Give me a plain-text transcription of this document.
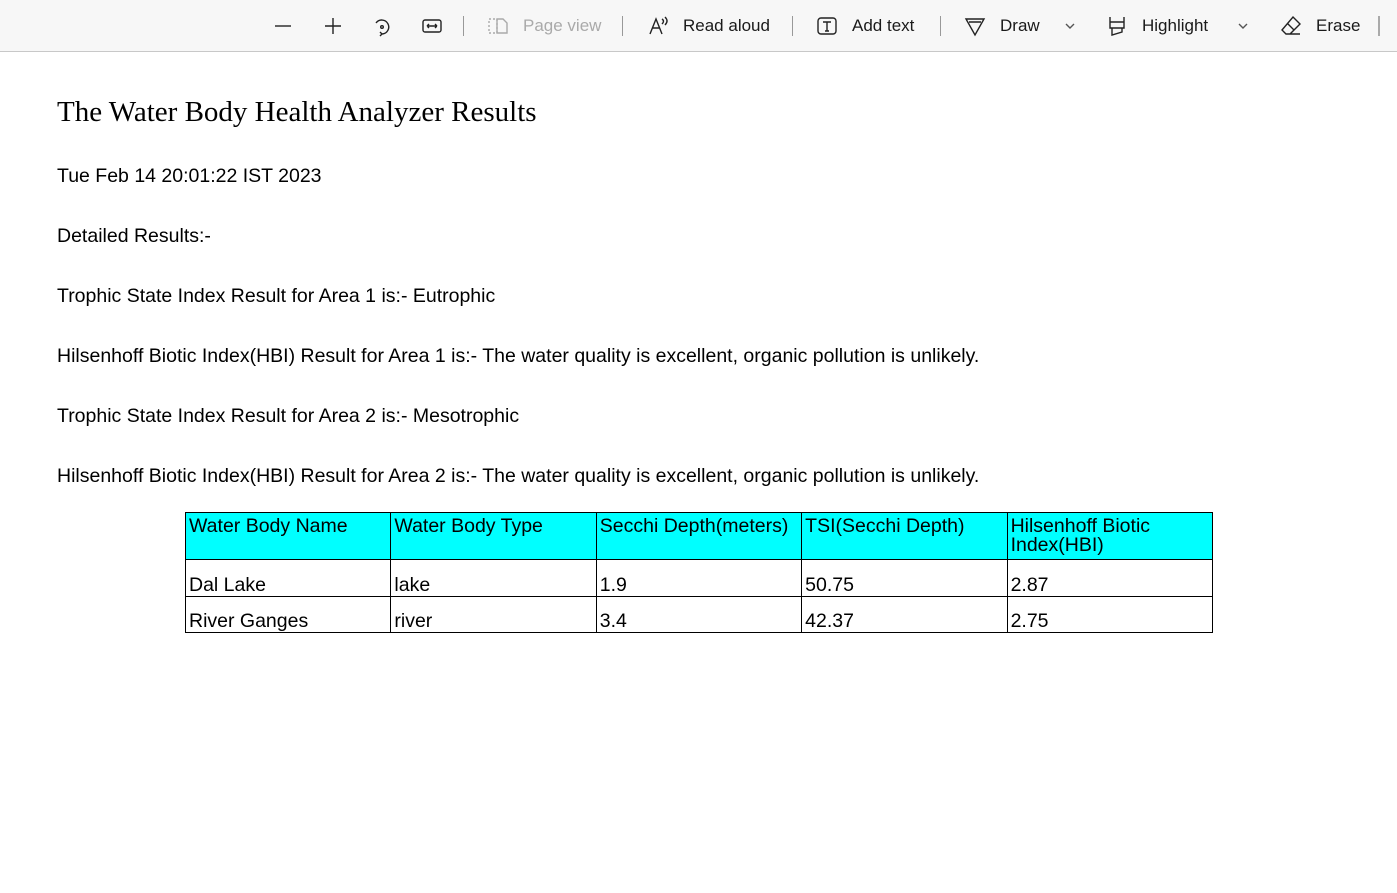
Page view	Read aloud	Add text	Draw	Highlight	Erase
The Water Body Health Analyzer Results
Tue Feb 14 20:01:22 IST 2023
Detailed Results:-
Trophic State Index Result for Area 1 is:- Eutrophic
Hilsenhoff Biotic Index(HBI) Result for Area 1 is:- The water quality is excellent, organic pollution is unlikely.
Trophic State Index Result for Area 2 is:- Mesotrophic
Hilsenhoff Biotic Index(HBI) Result for Area 2 is:- The water quality is excellent, organic pollution is unlikely.
Water Body Name	Water Body Type	Secchi Depth(meters)	TSI(Secchi Depth)	Hilsenhoff Biotic Index(HBI)
Dal Lake	lake	1.9	50.75	2.87
River Ganges	river	3.4	42.37	2.75
